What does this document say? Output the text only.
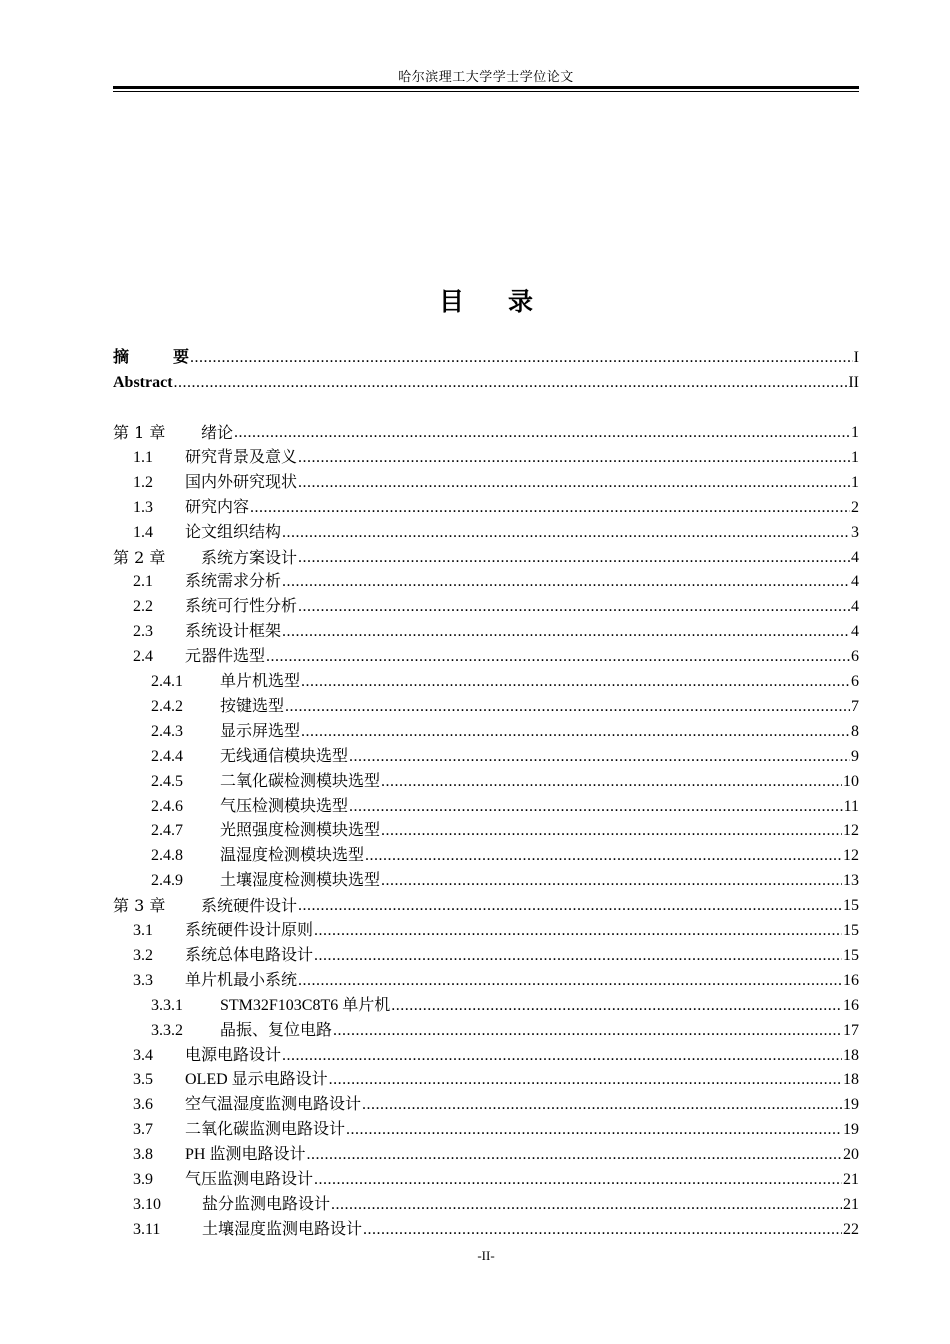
哈尔滨理工大学学士学位论文
目 录
摘	要 .....	I
Abstract .....	II
第 1 章	绪论 .....	1
1.1	研究背景及意义 .....	1
1.2	国内外研究现状 .....	1
1.3	研究内容 .....	2
1.4	论文组织结构 .....	3
第 2 章	系统方案设计 .....	4
2.1	系统需求分析 .....	4
2.2	系统可行性分析 .....	4
2.3	系统设计框架 .....	4
2.4	元器件选型 .....	6
2.4.1	单片机选型 .....	6
2.4.2	按键选型 .....	7
2.4.3	显示屏选型 .....	8
2.4.4	无线通信模块选型 .....	9
2.4.5	二氧化碳检测模块选型 .....	10
2.4.6	气压检测模块选型 .....	11
2.4.7	光照强度检测模块选型 .....	12
2.4.8	温湿度检测模块选型 .....	12
2.4.9	土壤湿度检测模块选型 .....	13
第 3 章	系统硬件设计 .....	15
3.1	系统硬件设计原则 .....	15
3.2	系统总体电路设计 .....	15
3.3	单片机最小系统 .....	16
3.3.1	STM32F103C8T6 单片机 .....	16
3.3.2	晶振、复位电路 .....	17
3.4	电源电路设计 .....	18
3.5	OLED 显示电路设计 .....	18
3.6	空气温湿度监测电路设计 .....	19
3.7	二氧化碳监测电路设计 .....	19
3.8	PH 监测电路设计 .....	20
3.9	气压监测电路设计 .....	21
3.10	盐分监测电路设计 .....	21
3.11	土壤湿度监测电路设计 .....	22
-II-
